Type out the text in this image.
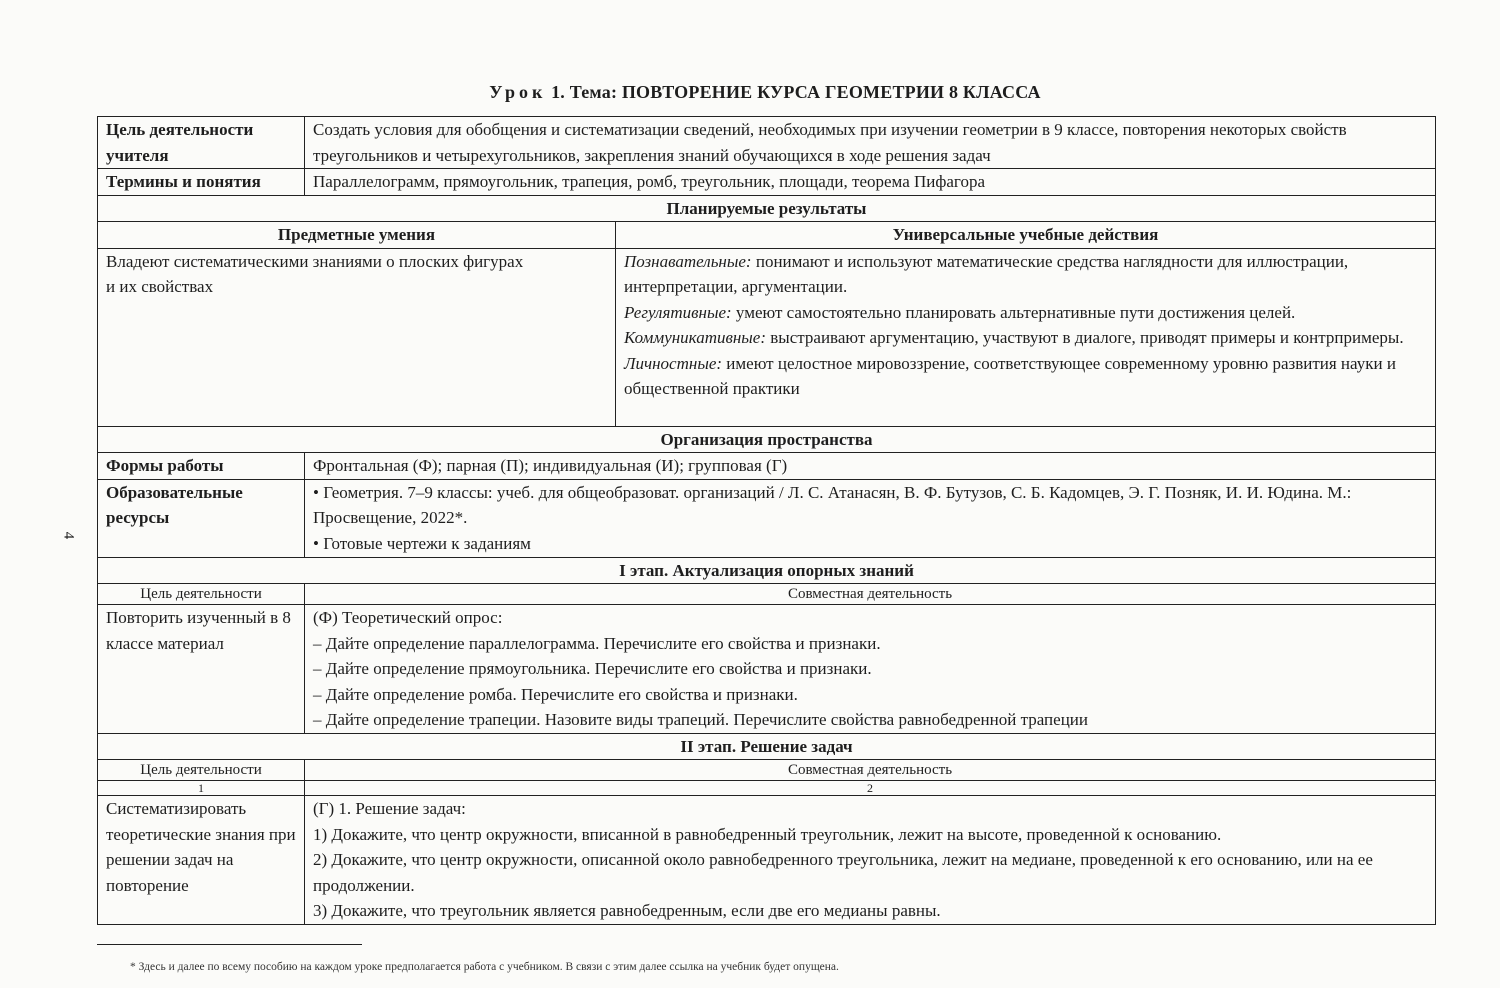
Урок 1. Тема: ПОВТОРЕНИЕ КУРСА ГЕОМЕТРИИ 8 КЛАССА
4
Цель деятельности учителя	Создать условия для обобщения и систематизации сведений, необходимых при изучении геометрии в 9 классе, повторения некоторых свойств треугольников и четырехугольников, закрепления знаний обучающихся в ходе решения задач	
Термины и понятия	Параллелограмм, прямоугольник, трапеция, ромб, треугольник, площади, теорема Пифагора	
Планируемые результаты		
Предметные умения		Универсальные учебные действия
Владеют систематическими знаниями о плоских фигурах и их свойствах		Познавательные: понимают и используют математические средства наглядности для иллюстрации, интерпретации, аргументации.
Регулятивные: умеют самостоятельно планировать альтернативные пути достижения целей.
Коммуникативные: выстраивают аргументацию, участвуют в диалоге, приводят примеры и контрпримеры.
Личностные: имеют целостное мировоззрение, соответствующее современному уровню развития науки и общественной практики

Организация пространства		
Формы работы	Фронтальная (Ф); парная (П); индивидуальная (И); групповая (Г)	
Образовательные ресурсы	• Геометрия. 7–9 классы: учеб. для общеобразоват. организаций / Л. С. Атанасян, В. Ф. Бутузов, С. Б. Кадомцев, Э. Г. Позняк, И. И. Юдина. М.: Просвещение, 2022*.
• Готовые чертежи к заданиям	

I этап. Актуализация опорных знаний		
Цель деятельности	Совместная деятельность	
Повторить изученный в 8 классе материал	(Ф) Теоретический опрос:
– Дайте определение параллелограмма. Перечислите его свойства и признаки.
– Дайте определение прямоугольника. Перечислите его свойства и признаки.
– Дайте определение ромба. Перечислите его свойства и признаки.
– Дайте определение трапеции. Назовите виды трапеций. Перечислите свойства равнобедренной трапеции	

II этап. Решение задач		
Цель деятельности	Совместная деятельность	
1	2	
Систематизировать теоретические знания при решении задач на повторение	(Г) 1. Решение задач:
1) Докажите, что центр окружности, вписанной в равнобедренный треугольник, лежит на высоте, проведенной к основанию.
2) Докажите, что центр окружности, описанной около равнобедренного треугольника, лежит на медиане, проведенной к его основанию, или на ее продолжении.
3) Докажите, что треугольник является равнобедренным, если две его медианы равны.	
* Здесь и далее по всему пособию на каждом уроке предполагается работа с учебником. В связи с этим далее ссылка на учебник будет опущена.
